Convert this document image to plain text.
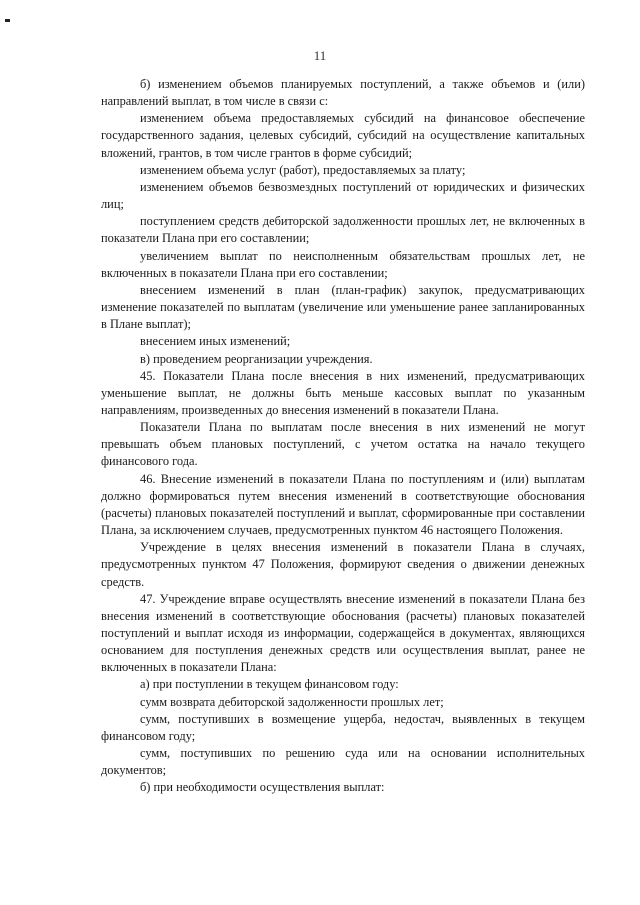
11

б) изменением объемов планируемых поступлений, а также объемов и (или) направлений выплат, в том числе в связи с:

изменением объема предоставляемых субсидий на финансовое обеспечение государственного задания, целевых субсидий, субсидий на осуществление капитальных вложений, грантов, в том числе грантов в форме субсидий;

изменением объема услуг (работ), предоставляемых за плату;

изменением объемов безвозмездных поступлений от юридических и физических лиц;

поступлением средств дебиторской задолженности прошлых лет, не включенных в показатели Плана при его составлении;

увеличением выплат по неисполненным обязательствам прошлых лет, не включенных в показатели Плана при его составлении;

внесением изменений в план (план-график) закупок, предусматривающих изменение показателей по выплатам (увеличение или уменьшение ранее запланированных в Плане выплат);

внесением иных изменений;

в) проведением реорганизации учреждения.

45. Показатели Плана после внесения в них изменений, предусматривающих уменьшение выплат, не должны быть меньше кассовых выплат по указанным направлениям, произведенных до внесения изменений в показатели Плана.

Показатели Плана по выплатам после внесения в них изменений не могут превышать объем плановых поступлений, с учетом остатка на начало текущего финансового года.

46. Внесение изменений в показатели Плана по поступлениям и (или) выплатам должно формироваться путем внесения изменений в соответствующие обоснования (расчеты) плановых показателей поступлений и выплат, сформированные при составлении Плана, за исключением случаев, предусмотренных пунктом 46 настоящего Положения.

Учреждение в целях внесения изменений в показатели Плана в случаях, предусмотренных пунктом 47 Положения, формируют сведения о движении денежных средств.

47. Учреждение вправе осуществлять внесение изменений в показатели Плана без внесения изменений в соответствующие обоснования (расчеты) плановых показателей поступлений и выплат исходя из информации, содержащейся в документах, являющихся основанием для поступления денежных средств или осуществления выплат, ранее не включенных в показатели Плана:

а) при поступлении в текущем финансовом году:

сумм возврата дебиторской задолженности прошлых лет;

сумм, поступивших в возмещение ущерба, недостач, выявленных в текущем финансовом году;

сумм, поступивших по решению суда или на основании исполнительных документов;

б) при необходимости осуществления выплат:
